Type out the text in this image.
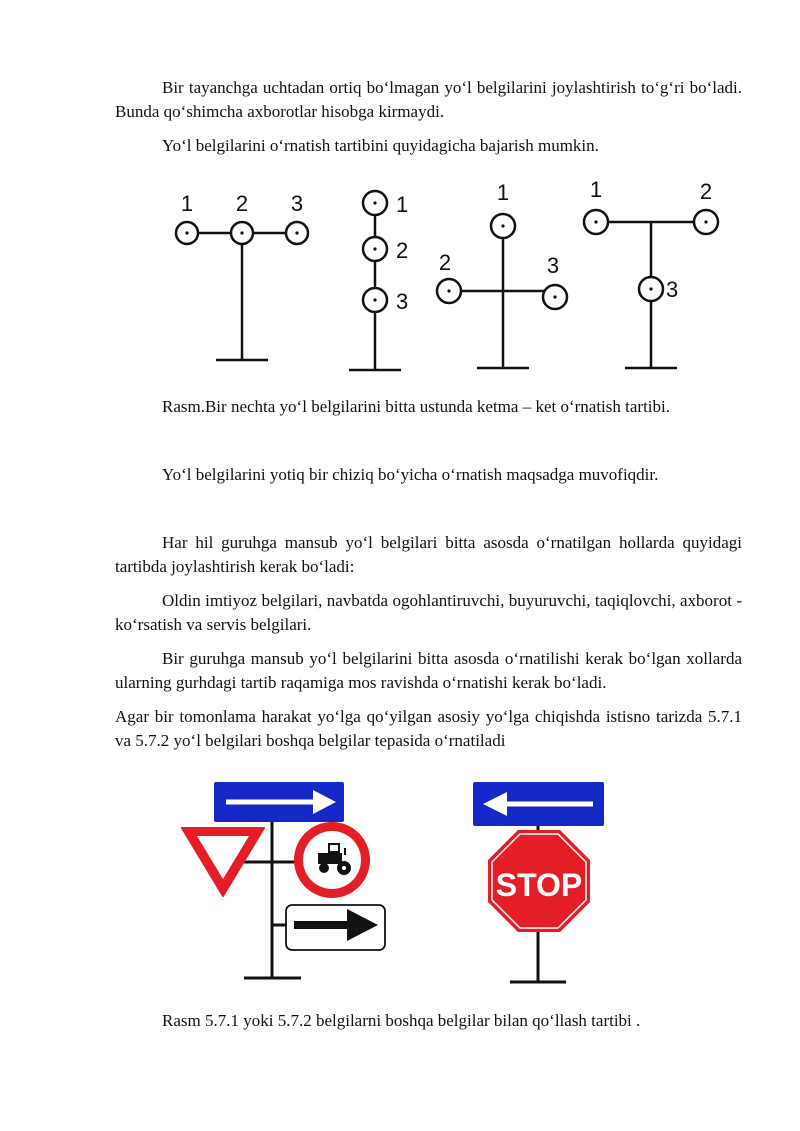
Bir tayanchga uchtadan ortiq bo‘lmagan yo‘l belgilarini joylashtirish to‘g‘ri bo‘ladi. Bunda qo‘shimcha axborotlar hisobga kirmaydi.
Yo‘l belgilarini o‘rnatish tartibini quyidagicha bajarish mumkin.
1 2 3	1
2
3
1
2	3
1	2
3
Rasm.Bir nechta yo‘l belgilarini bitta ustunda ketma – ket o‘rnatish tartibi.
Yo‘l belgilarini yotiq bir chiziq bo‘yicha o‘rnatish maqsadga muvofiqdir.
Har hil guruhga mansub yo‘l belgilari bitta asosda o‘rnatilgan hollarda quyidagi tartibda joylashtirish kerak bo‘ladi:
Oldin imtiyoz belgilari, navbatda ogohlantiruvchi, buyuruvchi, taqiqlovchi, axborot - ko‘rsatish va servis belgilari.
Bir guruhga mansub yo‘l belgilarini bitta asosda o‘rnatilishi kerak bo‘lgan xollarda ularning gurhdagi tartib raqamiga mos ravishda o‘rnatishi kerak bo‘ladi.
Agar bir tomonlama harakat yo‘lga qo‘yilgan asosiy yo‘lga chiqishda istisno tarizda 5.7.1 va 5.7.2 yo‘l belgilari boshqa belgilar tepasida o‘rnatiladi
STOP
Rasm 5.7.1 yoki 5.7.2 belgilarni boshqa belgilar bilan qo‘llash tartibi .
